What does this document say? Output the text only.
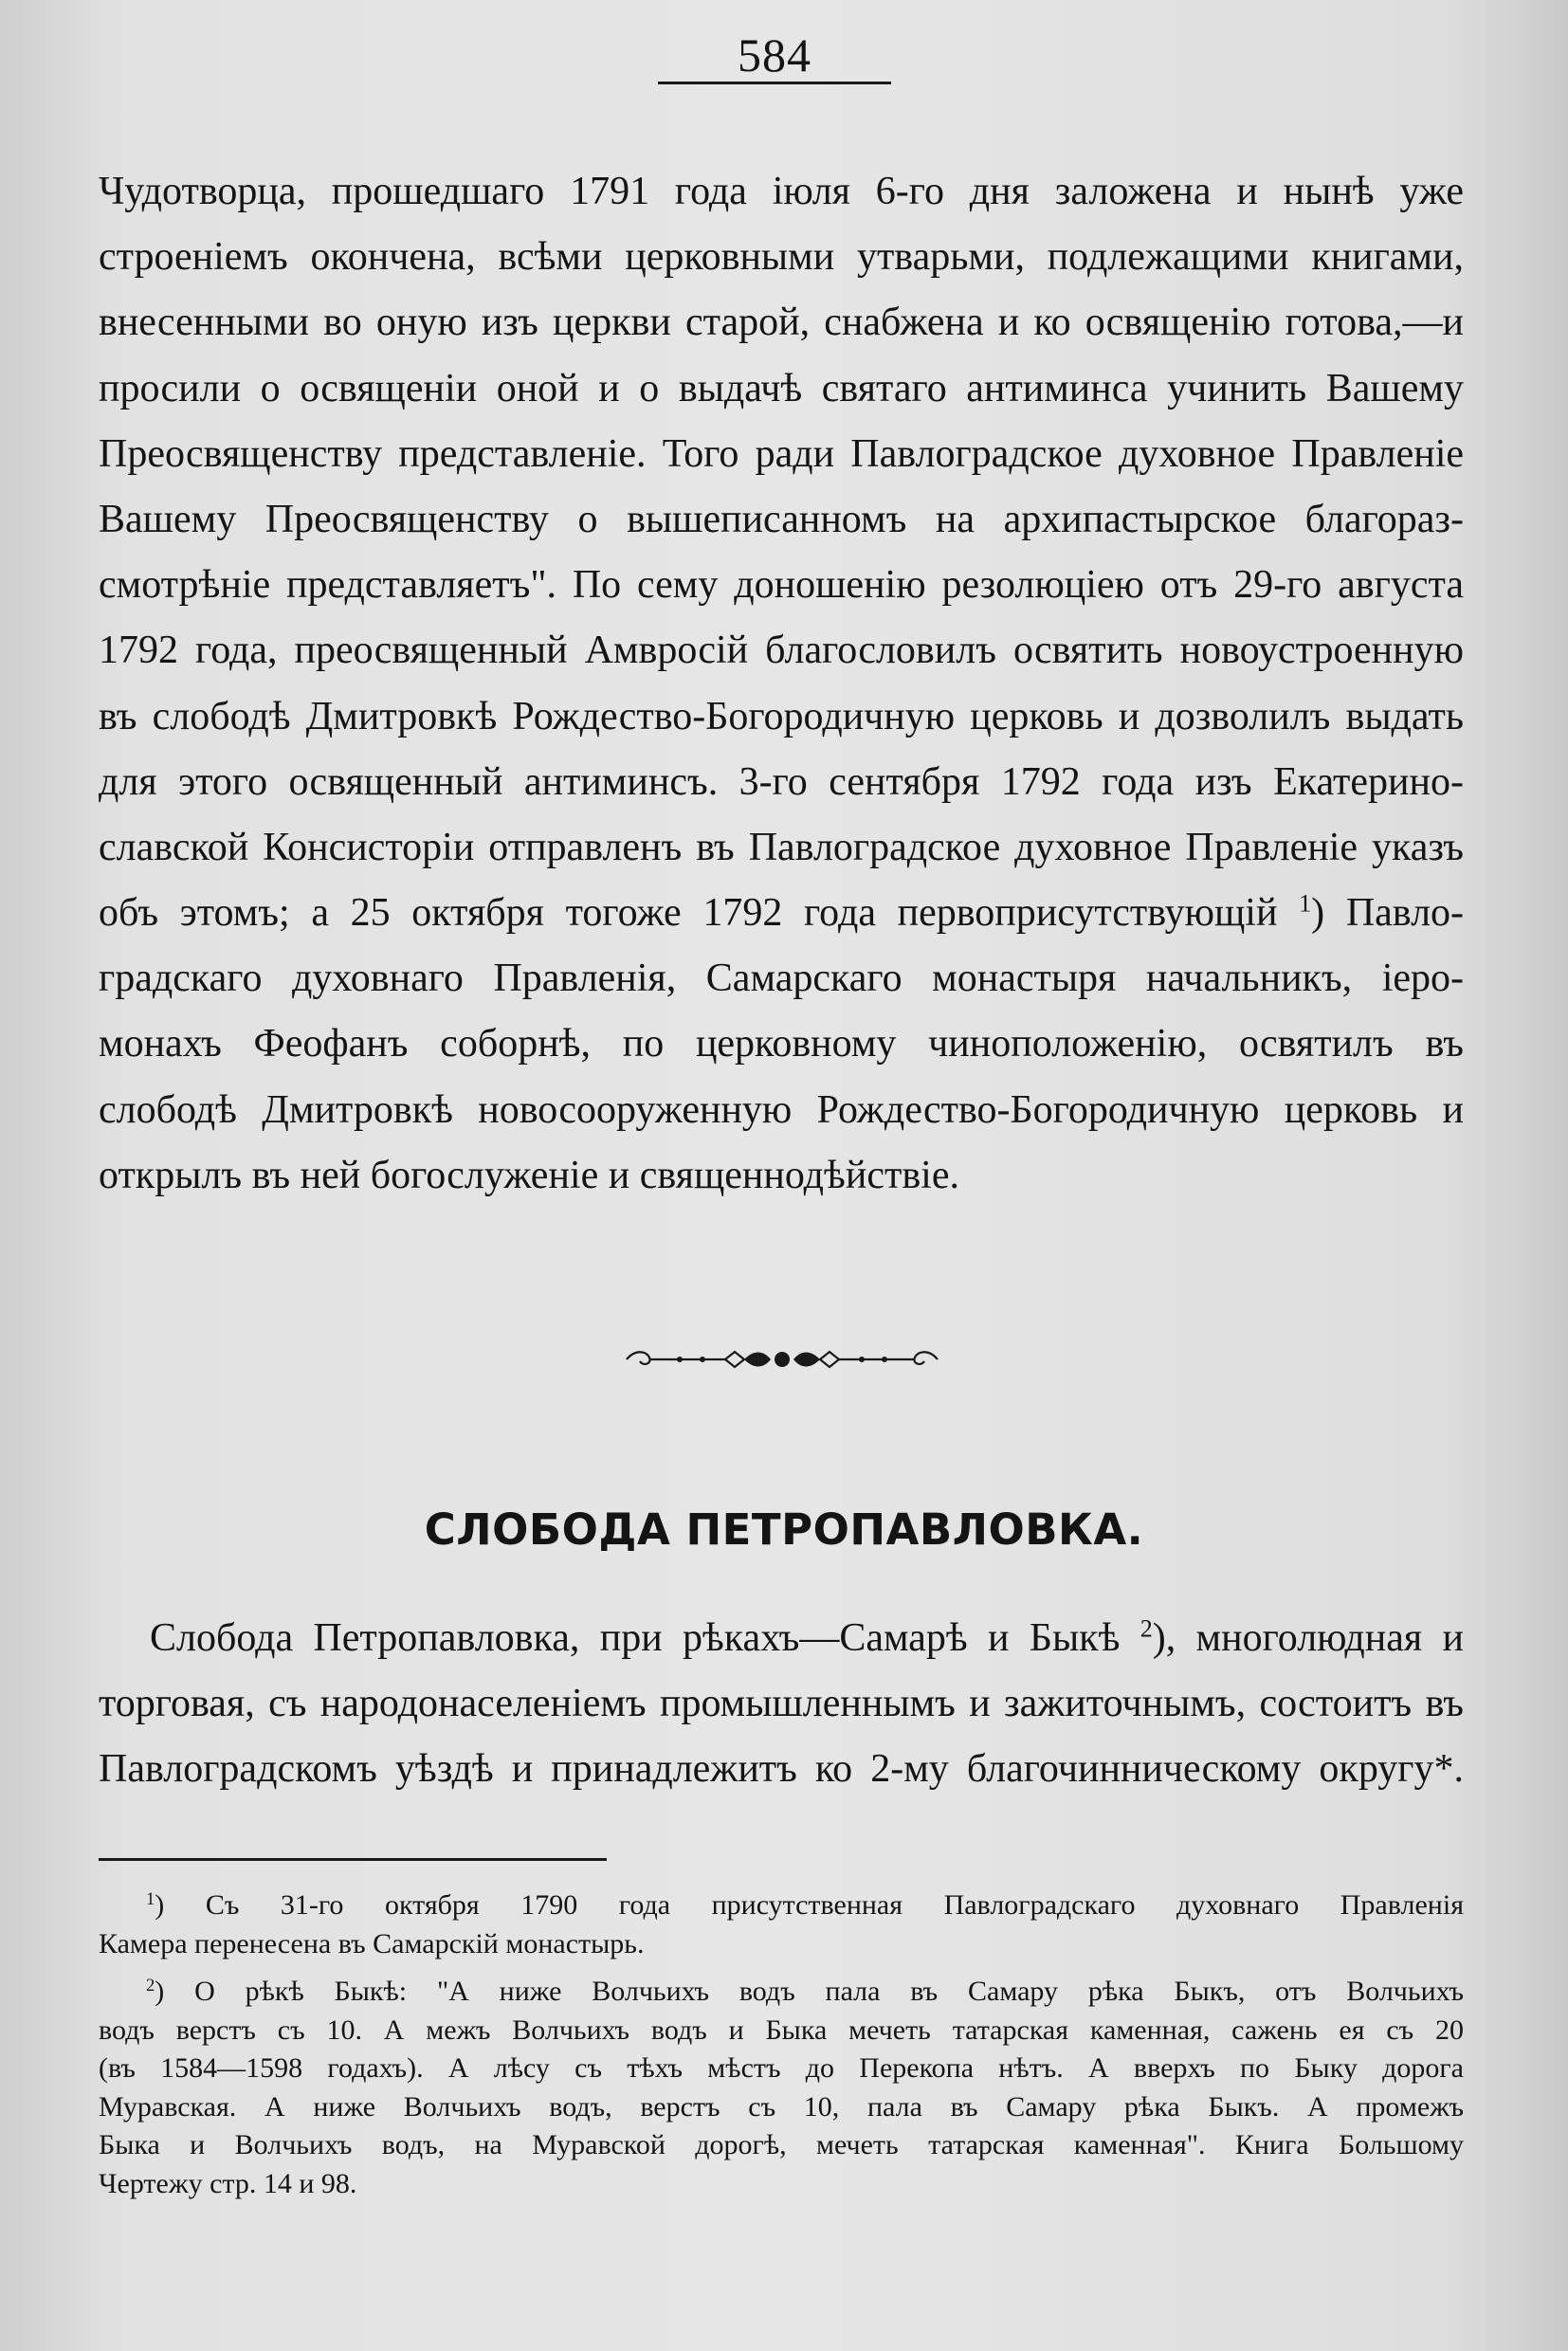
584
Чудотворца, прошедшаго 1791 года іюля 6-го дня заложена и нынѣ уже
строеніемъ окончена, всѣми церковными утварьми, подлежащими книгами,
внесенными во оную изъ церкви старой, снабжена и ко освященію готова,—и
просили о освященіи оной и о выдачѣ святаго антиминса учинить Вашему
Преосвященству представленіе. Того ради Павлоградское духовное Правленіе
Вашему Преосвященству о вышеписанномъ на архипастырское благораз-
смотрѣніе представляетъ". По сему доношенію резолюціею отъ 29-го августа
1792 года, преосвященный Амвросій благословилъ освятить новоустроенную
въ слободѣ Дмитровкѣ Рождество-Богородичную церковь и дозволилъ выдать
для этого освященный антиминсъ. 3-го сентября 1792 года изъ Екатерино-
славской Консисторіи отправленъ въ Павлоградское духовное Правленіе указъ
объ этомъ; а 25 октября тогоже 1792 года первоприсутствующій $^1$) Павло-
градскаго духовнаго Правленія, Самарскаго монастыря начальникъ, іеро-
монахъ Феофанъ соборнѣ, по церковному чиноположенію, освятилъ въ
слободѣ Дмитровкѣ новосооруженную Рождество-Богородичную церковь и
открылъ въ ней богослуженіе и священнодѣйствіе.
СЛОБОДА ПЕТРОПАВЛОВКА.
Слобода Петропавловка, при рѣкахъ—Самарѣ и Быкѣ $^2$), многолюдная и
торговая, съ народонаселеніемъ промышленнымъ и зажиточнымъ, состоитъ въ
Павлоградскомъ уѣздѣ и принадлежитъ ко 2-му благочинническому округу*.
$^1$) Съ 31-го октября 1790 года присутственная Павлоградскаго духовнаго Правленія
Камера перенесена въ Самарскій монастырь.
$^2$) О рѣкѣ Быкѣ: "А ниже Волчьихъ водъ пала въ Самару рѣка Быкъ, отъ Волчьихъ
водъ верстъ съ 10. А межъ Волчьихъ водъ и Быка мечеть татарская каменная, сажень ея съ 20
(въ 1584—1598 годахъ). А лѣсу съ тѣхъ мѣстъ до Перекопа нѣтъ. А вверхъ по Быку дорога
Муравская. А ниже Волчьихъ водъ, верстъ съ 10, пала въ Самару рѣка Быкъ. А промежъ
Быка и Волчьихъ водъ, на Муравской дорогѣ, мечеть татарская каменная". Книга Большому
Чертежу стр. 14 и 98.
